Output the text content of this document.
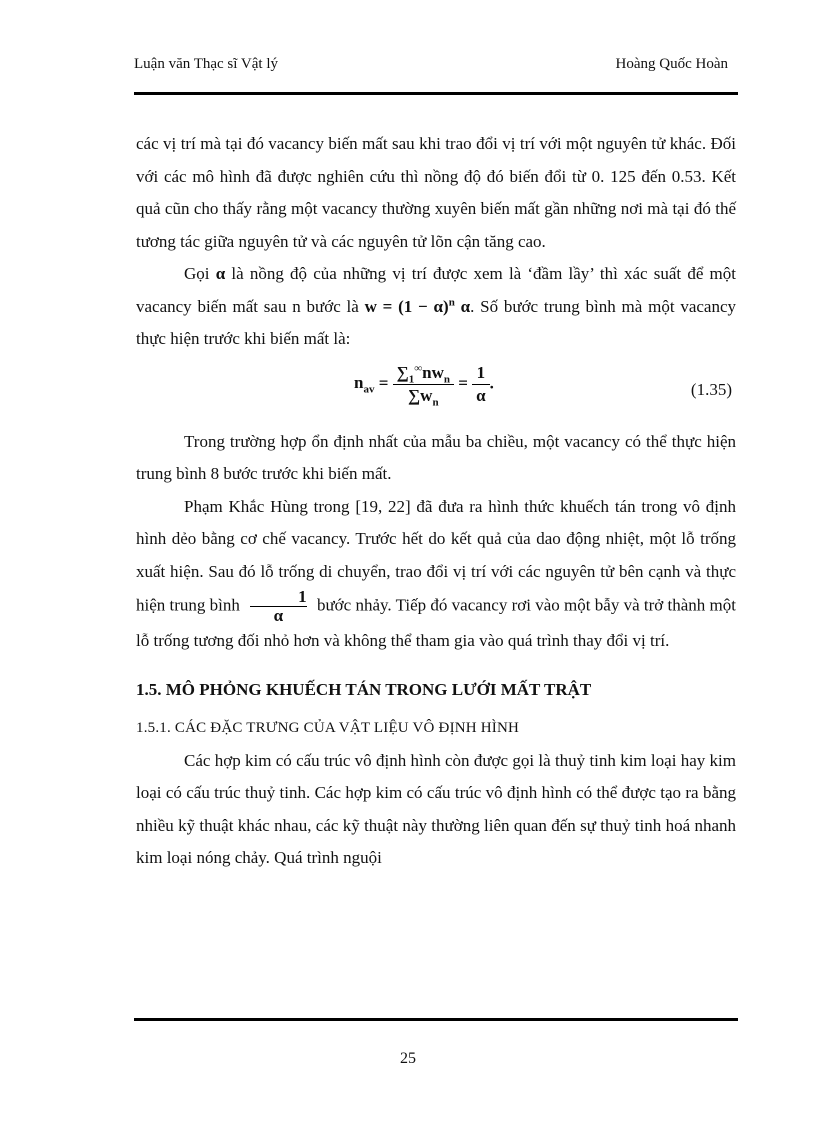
Luận văn Thạc sĩ Vật lý	Hoàng Quốc Hoàn

các vị trí mà tại đó vacancy biến mất sau khi trao đổi vị trí với một nguyên tử khác. Đối với các mô hình đã được nghiên cứu thì nồng độ đó biến đổi từ 0. 125 đến 0.53. Kết quả cũn cho thấy rằng một vacancy thường xuyên biến mất gần những nơi mà tại đó thế tương tác giữa nguyên tử và các nguyên tử lõn cận tăng cao.

Gọi α là nồng độ của những vị trí được xem là ‘đầm lầy’ thì xác suất để một vacancy biến mất sau n bước là $w = (1 - \alpha)^n$ α. Số bước trung bình mà một vacancy thực hiện trước khi biến mất là:

$n_{av} = \frac{\sum_1^\infty nw_n}{\sum w_n} = \frac{1}{\alpha}$ .	(1.35)

Trong trường hợp ổn định nhất của mẫu ba chiều, một vacancy có thể thực hiện trung bình 8 bước trước khi biến mất.

Phạm Khắc Hùng trong [19, 22] đã đưa ra hình thức khuếch tán trong vô định hình dẻo bằng cơ chế vacancy. Trước hết do kết quả của dao động nhiệt, một lỗ trống xuất hiện. Sau đó lỗ trống di chuyển, trao đổi vị trí với các nguyên tử bên cạnh và thực hiện trung bình $\frac{1}{\alpha}$ bước nhảy. Tiếp đó vacancy rơi vào một bẫy và trở thành một lỗ trống tương đối nhỏ hơn và không thể tham gia vào quá trình thay đổi vị trí.

1.5. MÔ PHỎNG KHUẾCH TÁN TRONG LƯỚI MẤT TRẬT

1.5.1. CÁC ĐẶC TRƯNG CỦA VẬT LIỆU VÔ ĐỊNH HÌNH

Các hợp kim có cấu trúc vô định hình còn được gọi là thuỷ tinh kim loại hay kim loại có cấu trúc thuỷ tinh. Các hợp kim có cấu trúc vô định hình có thể được tạo ra bằng nhiều kỹ thuật khác nhau, các kỹ thuật này thường liên quan đến sự thuỷ tinh hoá nhanh kim loại nóng chảy. Quá trình nguội

25
